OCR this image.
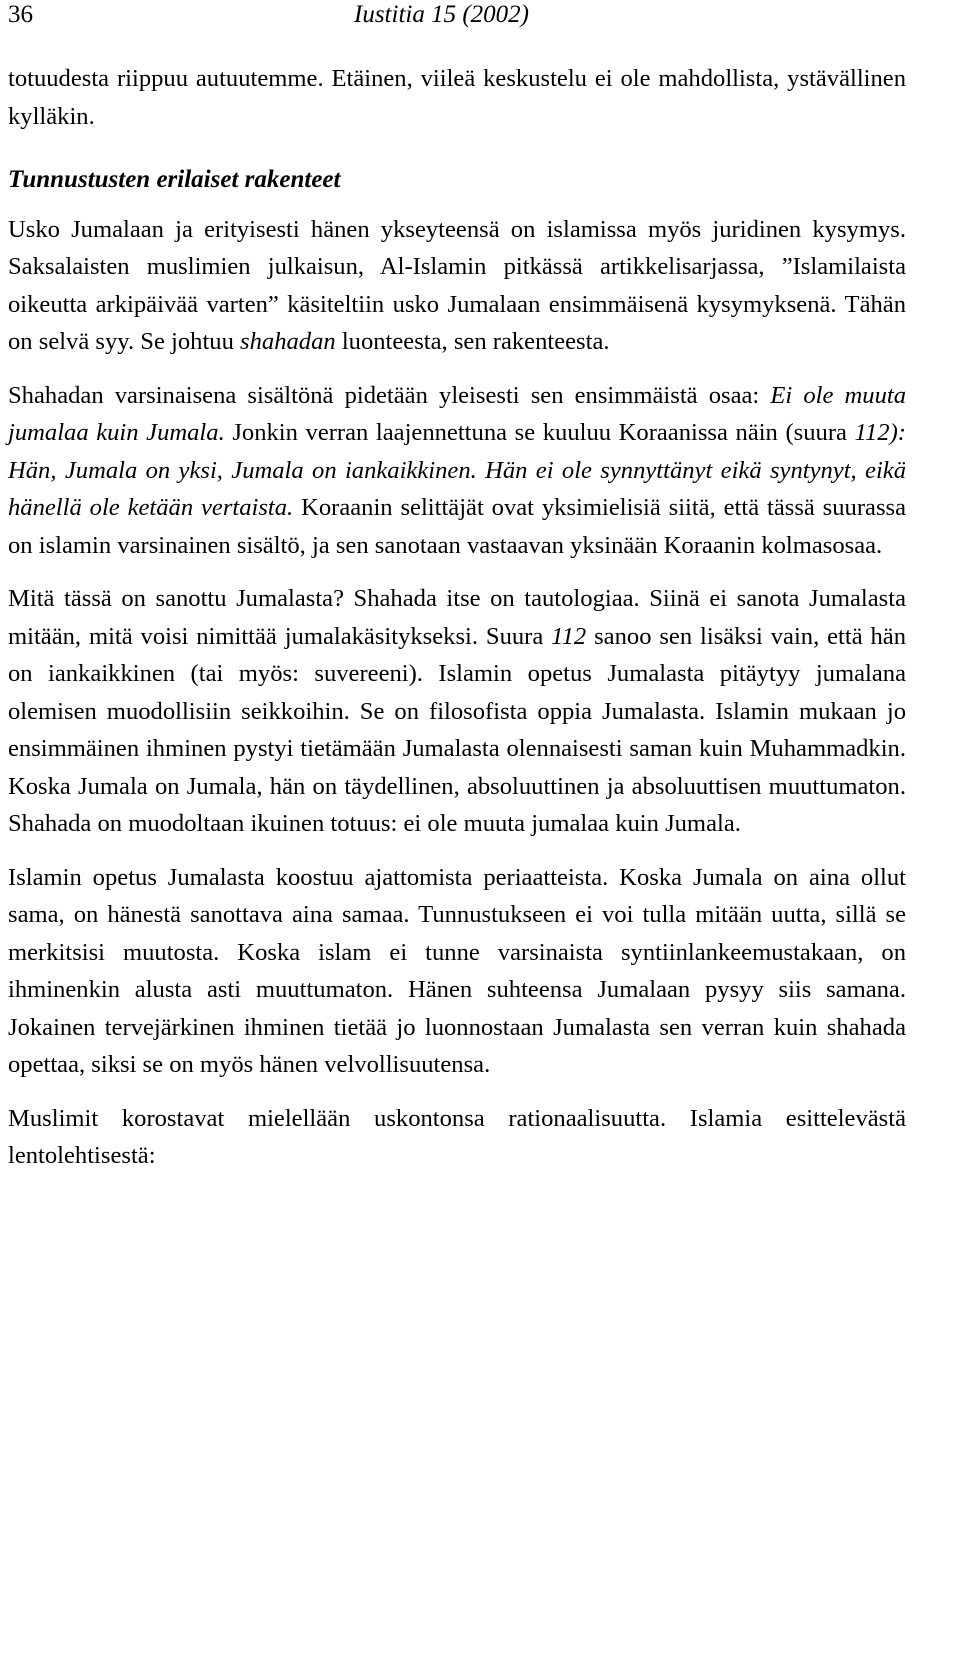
36	Iustitia 15 (2002)

totuudesta riippuu autuutemme. Etäinen, viileä keskustelu ei ole mahdollista, ystävällinen kylläkin.

Tunnustusten erilaiset rakenteet

Usko Jumalaan ja erityisesti hänen ykseyteensä on islamissa myös juridinen kysymys. Saksalaisten muslimien julkaisun, Al-Islamin pitkässä artikkelisarjassa, ”Islamilaista oikeutta arkipäivää varten” käsiteltiin usko Jumalaan ensimmäisenä kysymyksenä. Tähän on selvä syy. Se johtuu shahadan luonteesta, sen rakenteesta.

Shahadan varsinaisena sisältönä pidetään yleisesti sen ensimmäistä osaa: Ei ole muuta jumalaa kuin Jumala. Jonkin verran laajennettuna se kuuluu Koraanissa näin (suura 112): Hän, Jumala on yksi, Jumala on iankaikkinen. Hän ei ole synnyttänyt eikä syntynyt, eikä hänellä ole ketään vertaista. Koraanin selittäjät ovat yksimielisiä siitä, että tässä suurassa on islamin varsinainen sisältö, ja sen sanotaan vastaavan yksinään Koraanin kolmasosaa.

Mitä tässä on sanottu Jumalasta? Shahada itse on tautologiaa. Siinä ei sanota Jumalasta mitään, mitä voisi nimittää jumalakäsitykseksi. Suura 112 sanoo sen lisäksi vain, että hän on iankaikkinen (tai myös: suvereeni). Islamin opetus Jumalasta pitäytyy jumalana olemisen muodollisiin seikkoihin. Se on filosofista oppia Jumalasta. Islamin mukaan jo ensimmäinen ihminen pystyi tietämään Jumalasta olennaisesti saman kuin Muhammadkin. Koska Jumala on Jumala, hän on täydellinen, absoluuttinen ja absoluuttisen muuttumaton. Shahada on muodoltaan ikuinen totuus: ei ole muuta jumalaa kuin Jumala.

Islamin opetus Jumalasta koostuu ajattomista periaatteista. Koska Jumala on aina ollut sama, on hänestä sanottava aina samaa. Tunnustukseen ei voi tulla mitään uutta, sillä se merkitsisi muutosta. Koska islam ei tunne varsinaista syntiinlankeemustakaan, on ihminenkin alusta asti muuttumaton. Hänen suhteensa Jumalaan pysyy siis samana. Jokainen tervejärkinen ihminen tietää jo luonnostaan Jumalasta sen verran kuin shahada opettaa, siksi se on myös hänen velvollisuutensa.

Muslimit korostavat mielellään uskontonsa rationaalisuutta. Islamia esittelevästä lentolehtisestä:
